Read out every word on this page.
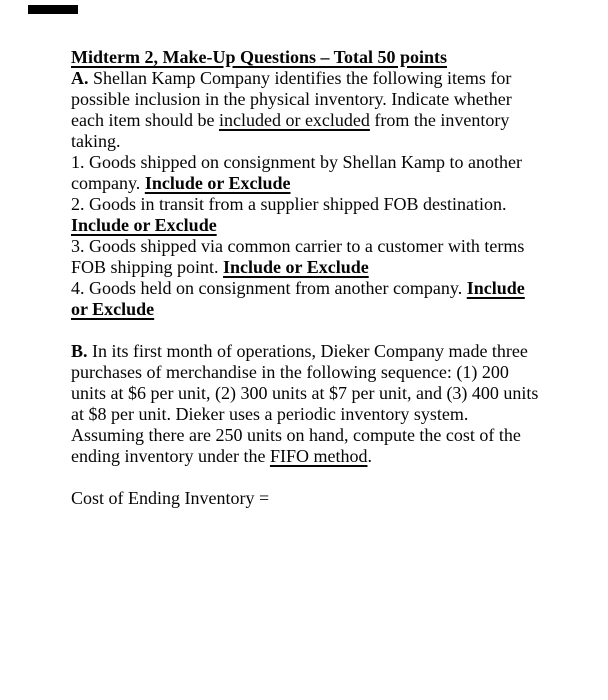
Midterm 2, Make-Up Questions – Total 50 points
A. Shellan Kamp Company identifies the following items for
possible inclusion in the physical inventory. Indicate whether
each item should be included or excluded from the inventory
taking.
1. Goods shipped on consignment by Shellan Kamp to another
company. Include or Exclude
2. Goods in transit from a supplier shipped FOB destination.
Include or Exclude
3. Goods shipped via common carrier to a customer with terms
FOB shipping point. Include or Exclude
4. Goods held on consignment from another company. Include
or Exclude

B. In its first month of operations, Dieker Company made three
purchases of merchandise in the following sequence: (1) 200
units at $6 per unit, (2) 300 units at $7 per unit, and (3) 400 units
at $8 per unit. Dieker uses a periodic inventory system.
Assuming there are 250 units on hand, compute the cost of the
ending inventory under the FIFO method.

Cost of Ending Inventory =
